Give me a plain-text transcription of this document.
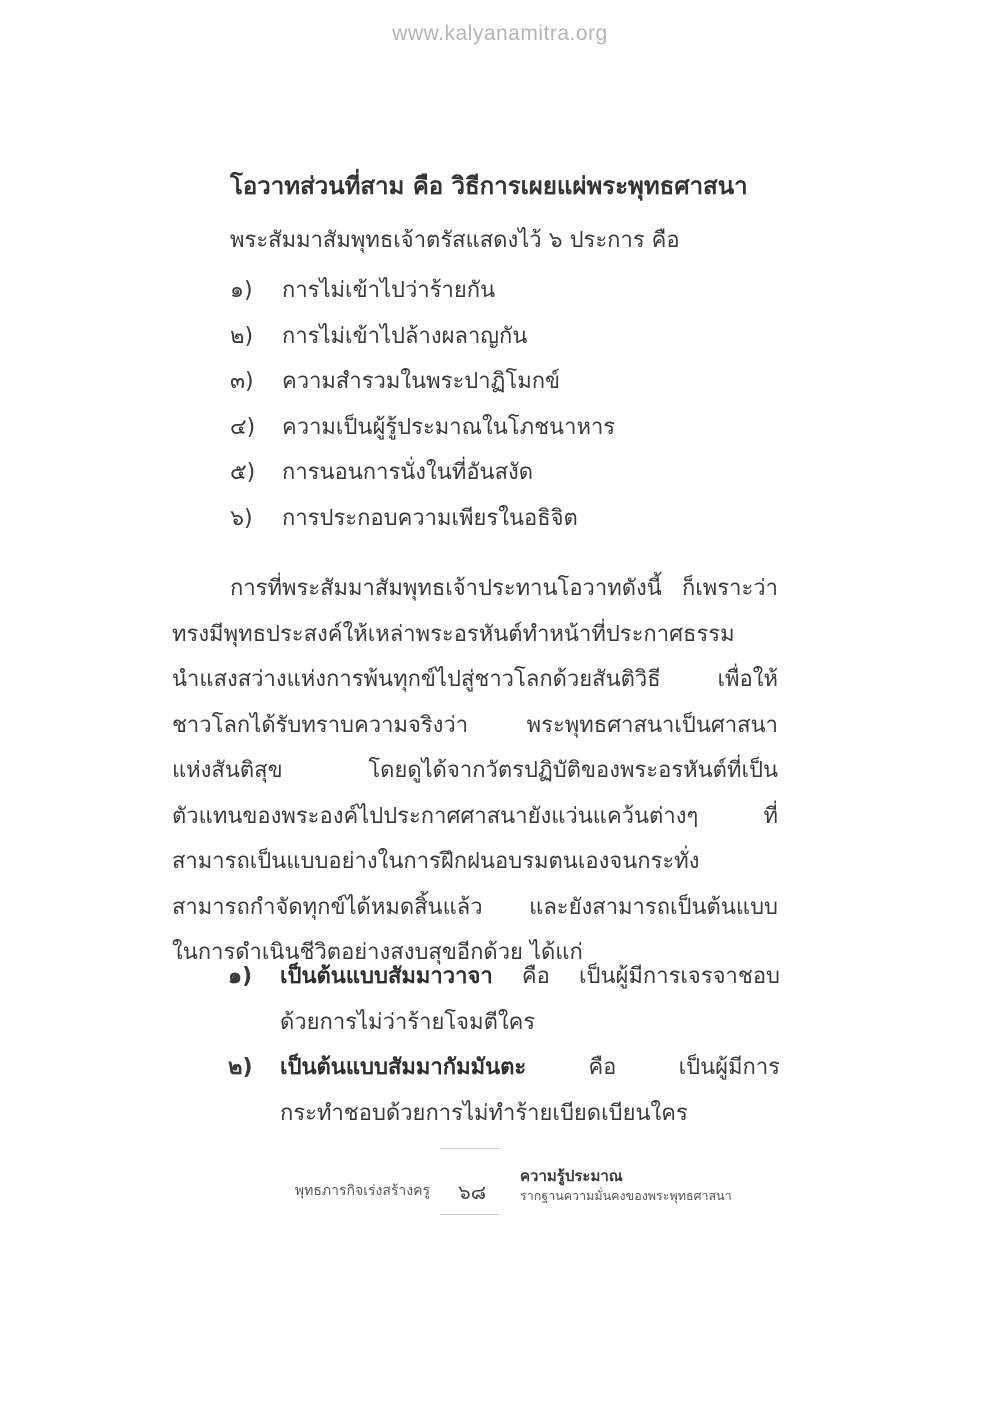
www.kalyanamitra.org
โอวาทส่วนที่สาม คือ วิธีการเผยแผ่พระพุทธศาสนา
พระสัมมาสัมพุทธเจ้าตรัสแสดงไว้ ๖ ประการ คือ
๑)	การไม่เข้าไปว่าร้ายกัน
๒)	การไม่เข้าไปล้างผลาญกัน
๓)	ความสำรวมในพระปาฏิโมกข์
๔)	ความเป็นผู้รู้ประมาณในโภชนาหาร
๕)	การนอนการนั่งในที่อันสงัด
๖)	การประกอบความเพียรในอธิจิต
การที่พระสัมมาสัมพุทธเจ้าประทานโอวาทดังนี้ ก็เพราะว่า
ทรงมีพุทธประสงค์ให้เหล่าพระอรหันต์ทำหน้าที่ประกาศธรรม
นำแสงสว่างแห่งการพ้นทุกข์ไปสู่ชาวโลกด้วยสันติวิธี เพื่อให้
ชาวโลกได้รับทราบความจริงว่า พระพุทธศาสนาเป็นศาสนา
แห่งสันติสุข โดยดูได้จากวัตรปฏิบัติของพระอรหันต์ที่เป็น
ตัวแทนของพระองค์ไปประกาศศาสนายังแว่นแคว้นต่างๆ ที่
สามารถเป็นแบบอย่างในการฝึกฝนอบรมตนเองจนกระทั่ง
สามารถกำจัดทุกข์ได้หมดสิ้นแล้ว และยังสามารถเป็นต้นแบบ
ในการดำเนินชีวิตอย่างสงบสุขอีกด้วย ได้แก่
๑)	เป็นต้นแบบสัมมาวาจา คือ เป็นผู้มีการเจรจาชอบ
ด้วยการไม่ว่าร้ายโจมตีใคร
๒)	เป็นต้นแบบสัมมากัมมันตะ คือ เป็นผู้มีการ
กระทำชอบด้วยการไม่ทำร้ายเบียดเบียนใคร
พุทธภารกิจเร่งสร้างครู ๖๘
ความรู้ประมาณ
รากฐานความมั่นคงของพระพุทธศาสนา
